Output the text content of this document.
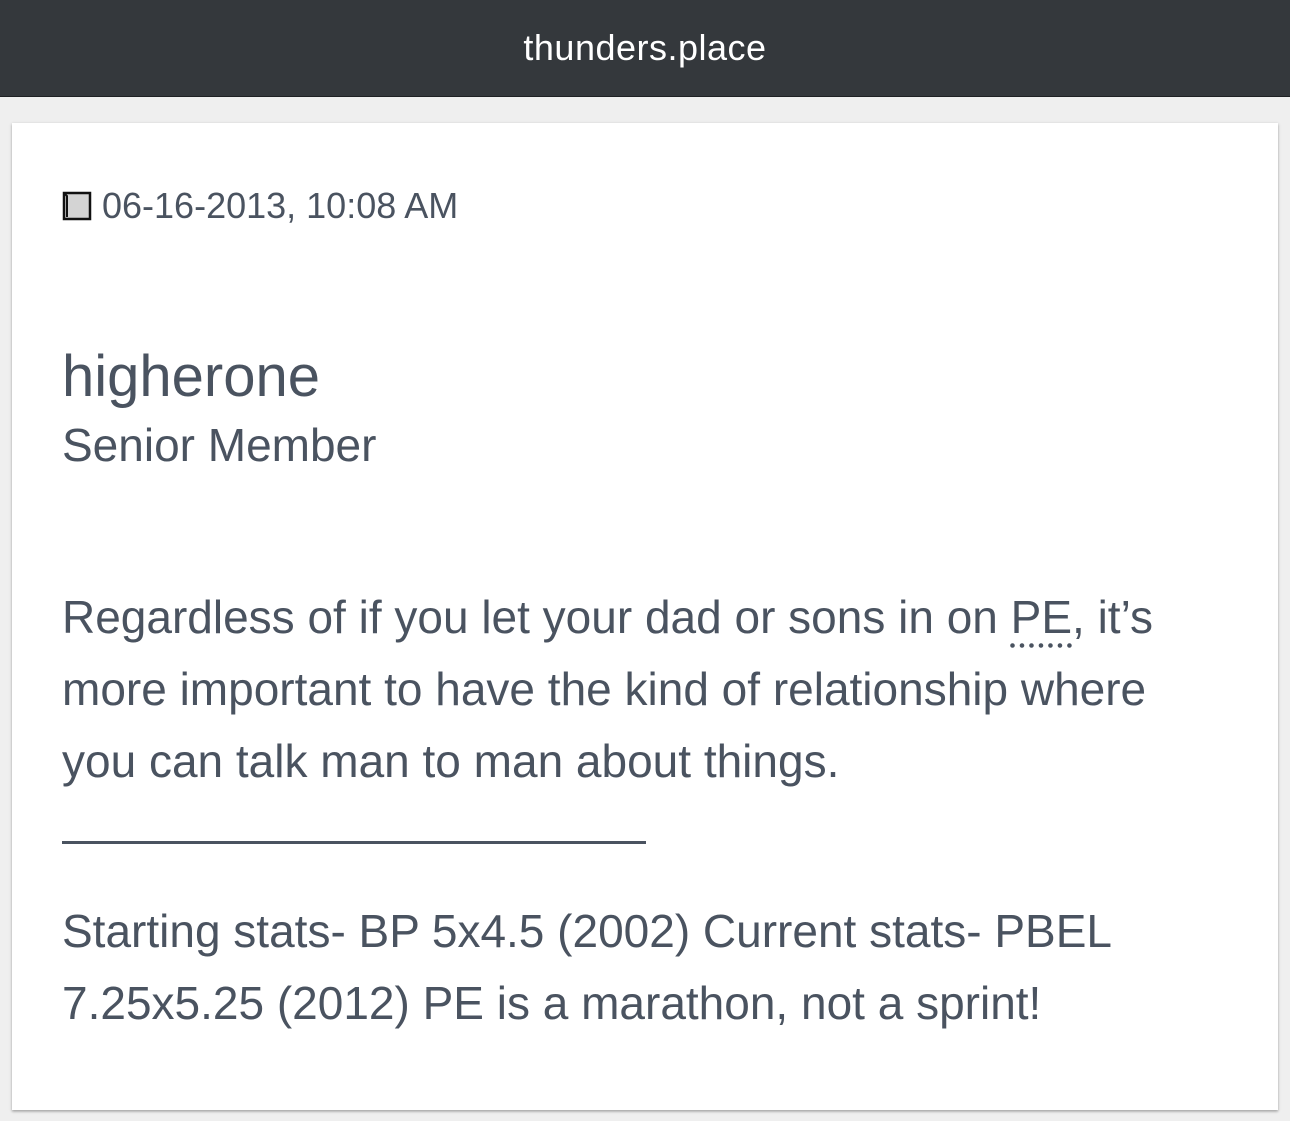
thunders.place
06-16-2013, 10:08 AM
higherone
Senior Member
Regardless of if you let your dad or sons in on PE, it’s more important to have the kind of relationship where you can talk man to man about things.
Starting stats- BP 5x4.5 (2002) Current stats- PBEL 7.25x5.25 (2012) PE is a marathon, not a sprint!
